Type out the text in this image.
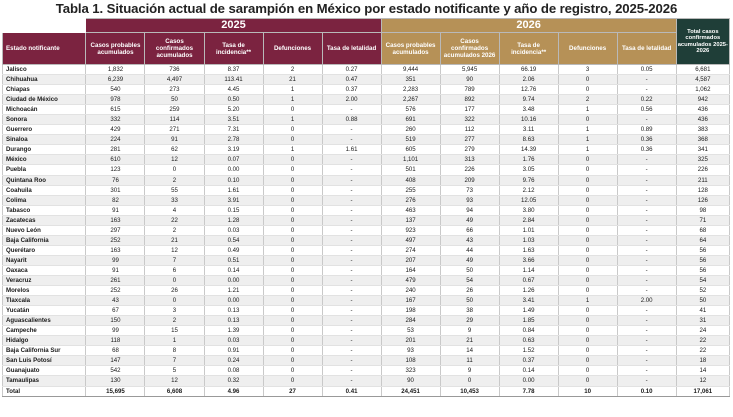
Tabla 1. Situación actual de sarampión en México por estado notificante y año de registro, 2025-2026
	2025					2026					Total casos confirmados acumulados 2025-2026
Estado notificante	Casos probables acumulados	Casos confirmados acumulados	Tasa de incidencia**	Defunciones	Tasa de letalidad	Casos probables acumulados	Casos confirmados acumulados 2026	Tasa de incidencia**	Defunciones	Tasa de letalidad	
Jalisco	1,832	736	8.37	2	0.27	9,444	5,945	66.19	3	0.05	6,681
Chihuahua	6,239	4,497	113.41	21	0.47	351	90	2.06	0	-	4,587
Chiapas	540	273	4.45	1	0.37	2,283	789	12.76	0	-	1,062
Ciudad de México	978	50	0.50	1	2.00	2,267	892	9.74	2	0.22	942
Michoacán	615	259	5.20	0	-	576	177	3.48	1	0.56	436
Sonora	332	114	3.51	1	0.88	691	322	10.16	0	-	436
Guerrero	429	271	7.31	0	-	260	112	3.11	1	0.89	383
Sinaloa	224	91	2.78	0	-	519	277	8.63	1	0.36	368
Durango	281	62	3.19	1	1.61	605	279	14.39	1	0.36	341
México	610	12	0.07	0	-	1,101	313	1.76	0	-	325
Puebla	123	0	0.00	0	-	501	226	3.05	0	-	226
Quintana Roo	76	2	0.10	0	-	408	209	9.76	0	-	211
Coahuila	301	55	1.61	0	-	255	73	2.12	0	-	128
Colima	82	33	3.91	0	-	276	93	12.05	0	-	126
Tabasco	91	4	0.15	0	-	463	94	3.80	0	-	98
Zacatecas	163	22	1.28	0	-	137	49	2.84	0	-	71
Nuevo León	297	2	0.03	0	-	923	66	1.01	0	-	68
Baja California	252	21	0.54	0	-	497	43	1.03	0	-	64
Querétaro	163	12	0.49	0	-	274	44	1.63	0	-	56
Nayarit	99	7	0.51	0	-	207	49	3.66	0	-	56
Oaxaca	91	6	0.14	0	-	164	50	1.14	0	-	56
Veracruz	261	0	0.00	0	-	479	54	0.67	0	-	54
Morelos	252	26	1.21	0	-	240	26	1.26	0	-	52
Tlaxcala	43	0	0.00	0	-	167	50	3.41	1	2.00	50
Yucatán	67	3	0.13	0	-	198	38	1.49	0	-	41
Aguascalientes	150	2	0.13	0	-	284	29	1.85	0	-	31
Campeche	99	15	1.39	0	-	53	9	0.84	0	-	24
Hidalgo	118	1	0.03	0	-	201	21	0.63	0	-	22
Baja California Sur	68	8	0.91	0	-	93	14	1.52	0	-	22
San Luis Potosí	147	7	0.24	0	-	108	11	0.37	0	-	18
Guanajuato	542	5	0.08	0	-	323	9	0.14	0	-	14
Tamaulipas	130	12	0.32	0	-	90	0	0.00	0	-	12
Total	15,695	6,608	4.96	27	0.41	24,451	10,453	7.78	10	0.10	17,061
